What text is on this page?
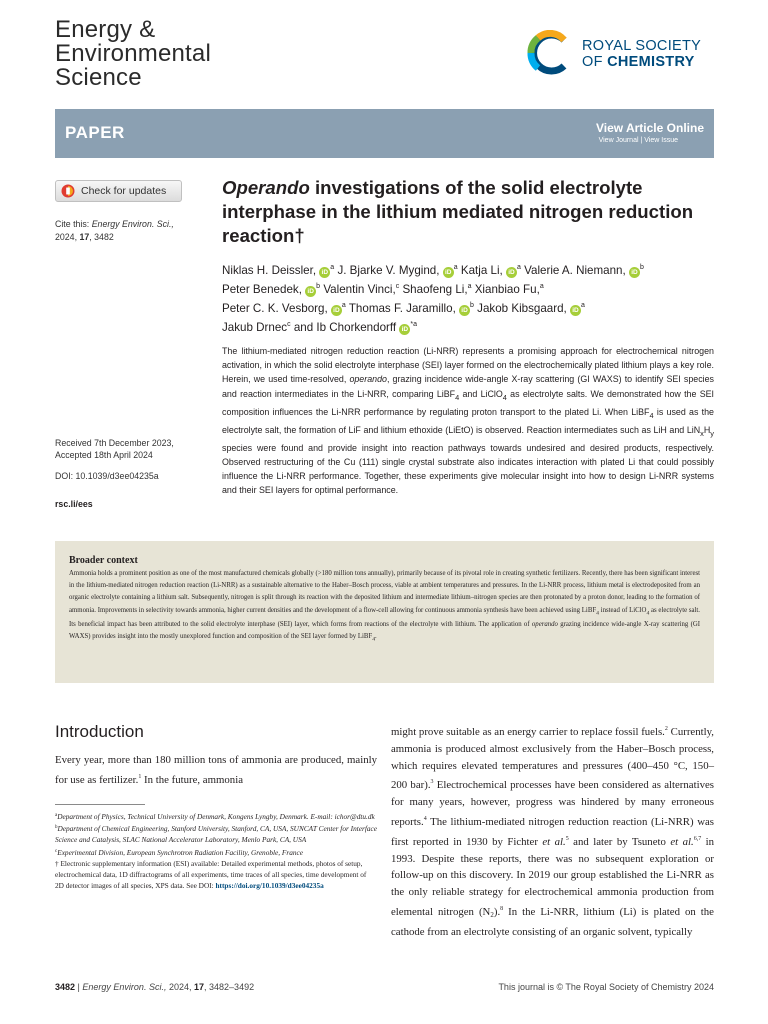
Energy &
Environmental
Science
ROYAL SOCIETY
OF CHEMISTRY
PAPER	View Article Online
View Journal | View Issue
Check for updates
Cite this: Energy Environ. Sci.,
2024, 17, 3482
Received 7th December 2023,
Accepted 18th April 2024
DOI: 10.1039/d3ee04235a
rsc.li/ees
Operando investigations of the solid electrolyte interphase in the lithium mediated nitrogen reduction reaction†
Niklas H. Deissler, $iD^a$ J. Bjarke V. Mygind, $iD^a$ Katja Li, $iD^a$ Valerie A. Niemann, $iD^b$
Peter Benedek, $iD^b$ Valentin Vinci,$^c$ Shaofeng Li,$^a$ Xianbiao Fu,$^a$
Peter C. K. Vesborg, $iD^a$ Thomas F. Jaramillo, $iD^b$ Jakob Kibsgaard, $iD^a$
Jakub Drnec$^c$ and Ib Chorkendorff $iD^{*a}$

The lithium-mediated nitrogen reduction reaction (Li-NRR) represents a promising approach for electrochemical nitrogen activation, in which the solid electrolyte interphase (SEI) layer formed on the electrochemically plated lithium plays a key role. Herein, we used time-resolved, operando, grazing incidence wide-angle X-ray scattering (GI WAXS) to identify SEI species and reaction intermediates in the Li-NRR, comparing LiBF$_4$ and LiClO$_4$ as electrolyte salts. We demonstrated how the SEI composition influences the Li-NRR performance by regulating proton transport to the plated Li. When LiBF$_4$ is used as the electrolyte salt, the formation of LiF and lithium ethoxide (LiEtO) is observed. Reaction intermediates such as LiH and $LiN_xH_y$ species were found and provide insight into reaction pathways towards undesired and desired products, respectively. Observed restructuring of the Cu (111) single crystal substrate also indicates interaction with plated Li that could possibly influence the Li-NRR performance. Together, these experiments give molecular insight into how to design Li-NRR systems and their SEI layers for optimal performance.

Broader context
Ammonia holds a prominent position as one of the most manufactured chemicals globally (>180 million tons annually), primarily because of its pivotal role in creating synthetic fertilizers. Recently, there has been significant interest in the lithium-mediated nitrogen reduction reaction (Li-NRR) as a sustainable alternative to the Haber–Bosch process, viable at ambient temperatures and pressures. In the Li-NRR process, lithium metal is electrodeposited from an organic electrolyte containing a lithium salt. Subsequently, nitrogen is split through its reaction with the deposited lithium and intermediate lithium–nitrogen species are then protonated by a proton donor, leading to the formation of ammonia. Improvements in selectivity towards ammonia, higher current densities and the development of a flow-cell allowing for continuous ammonia synthesis have been achieved using LiBF$_4$ instead of LiClO$_4$ as electrolyte salt. Its beneficial impact has been attributed to the solid electrolyte interphase (SEI) layer, which forms from reactions of the electrolyte with lithium. The application of operando grazing incidence wide-angle X-ray scattering (GI WAXS) provides insight into the mostly unexplored function and composition of the SEI layer formed by LiBF$_4$.
Introduction
Every year, more than 180 million tons of ammonia are produced, mainly for use as fertilizer.$^1$ In the future, ammonia
$^a$Department of Physics, Technical University of Denmark, Kongens Lyngby, Denmark. E-mail: ichor@dtu.dk
$^b$Department of Chemical Engineering, Stanford University, Stanford, CA, USA, SUNCAT Center for Interface Science and Catalysis, SLAC National Accelerator Laboratory, Menlo Park, CA, USA
$^c$Experimental Division, European Synchrotron Radiation Facility, Grenoble, France
† Electronic supplementary information (ESI) available: Detailed experimental methods, photos of setup, electrochemical data, 1D diffractograms of all experiments, time traces of all species, time development of 2D detector images of all species, XPS data. See DOI: https://doi.org/10.1039/d3ee04235a
might prove suitable as an energy carrier to replace fossil fuels.$^2$ Currently, ammonia is produced almost exclusively from the Haber–Bosch process, which requires elevated temperatures and pressures (400–450 °C, 150–200 bar).$^3$ Electrochemical processes have been considered as alternatives for many years, however, progress was hindered by many erroneous reports.$^4$ The lithium-mediated nitrogen reduction reaction (Li-NRR) was first reported in 1930 by Fichter et al.$^5$ and later by Tsuneto et al.$^{6,7}$ in 1993. Despite these reports, there was no subsequent exploration or follow-up on this discovery. In 2019 our group established the Li-NRR as the only reliable strategy for electrochemical ammonia production from elemental nitrogen $(N_2).^8$ In the Li-NRR, lithium (Li) is plated on the cathode from an electrolyte consisting of an organic solvent, typically
3482 | Energy Environ. Sci., 2024, 17, 3482–3492	This journal is © The Royal Society of Chemistry 2024
